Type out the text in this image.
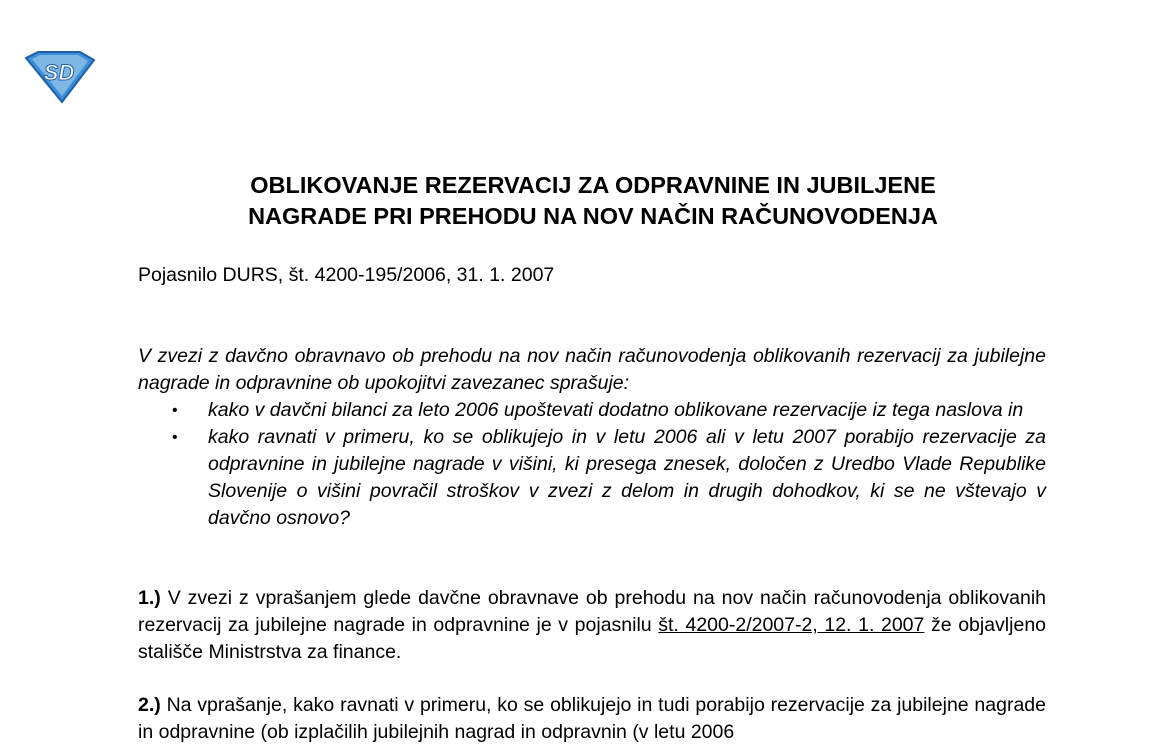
SD
OBLIKOVANJE REZERVACIJ ZA ODPRAVNINE IN JUBILJENE
NAGRADE PRI PREHODU NA NOV NAČIN RAČUNOVODENJA
Pojasnilo DURS, št. 4200-195/2006, 31. 1. 2007
V zvezi z davčno obravnavo ob prehodu na nov način računovodenja oblikovanih rezervacij za jubilejne nagrade in odpravnine ob upokojitvi zavezanec sprašuje:
• kako v davčni bilanci za leto 2006 upoštevati dodatno oblikovane rezervacije iz tega naslova in
• kako ravnati v primeru, ko se oblikujejo in v letu 2006 ali v letu 2007 porabijo rezervacije za odpravnine in jubilejne nagrade v višini, ki presega znesek, določen z Uredbo Vlade Republike Slovenije o višini povračil stroškov v zvezi z delom in drugih dohodkov, ki se ne vštevajo v davčno osnovo?
1.) V zvezi z vprašanjem glede davčne obravnave ob prehodu na nov način računovodenja oblikovanih rezervacij za jubilejne nagrade in odpravnine je v pojasnilu št. 4200-2/2007-2, 12. 1. 2007 že objavljeno stališče Ministrstva za finance.
2.) Na vprašanje, kako ravnati v primeru, ko se oblikujejo in tudi porabijo rezervacije za jubilejne nagrade in odpravnine (ob izplačilih jubilejnih nagrad in odpravnin (v letu 2006
